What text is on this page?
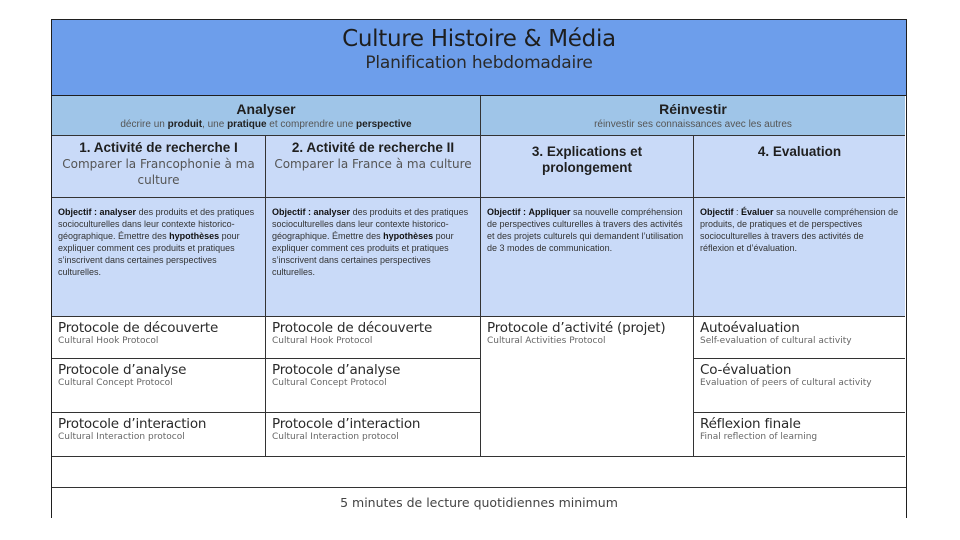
Culture Histoire & Média
Planification hebdomadaire
Analyser
décrire un produit, une pratique et comprendre une perspective
Réinvestir
réinvestir ses connaissances avec les autres
1. Activité de recherche I
Comparer la Francophonie à ma culture
2. Activité de recherche II
Comparer la France à ma culture
3. Explications et prolongement
4. Evaluation
Objectif : analyser des produits et des pratiques socioculturelles dans leur contexte historico-géographique. Émettre des hypothèses pour expliquer comment ces produits et pratiques s’inscrivent dans certaines perspectives culturelles.
Objectif : analyser des produits et des pratiques socioculturelles dans leur contexte historico-géographique. Émettre des hypothèses pour expliquer comment ces produits et pratiques s’inscrivent dans certaines perspectives culturelles.
Objectif : Appliquer sa nouvelle compréhension de perspectives culturelles à travers des activités et des projets culturels qui demandent l’utilisation de 3 modes de communication.
Objectif : Évaluer sa nouvelle compréhension de produits, de pratiques et de perspectives socioculturelles à travers des activités de réflexion et d’évaluation.
Protocole de découverte
Cultural Hook Protocol
Protocole d’analyse
Cultural Concept Protocol
Protocole d’interaction
Cultural Interaction protocol
Protocole de découverte
Cultural Hook Protocol
Protocole d’analyse
Cultural Concept Protocol
Protocole d’interaction
Cultural Interaction protocol
Protocole d’activité (projet)
Cultural Activities Protocol
Autoévaluation
Self-evaluation of cultural activity
Co-évaluation
Evaluation of peers of cultural activity
Réflexion finale
Final reflection of learning
5 minutes de lecture quotidiennes minimum
